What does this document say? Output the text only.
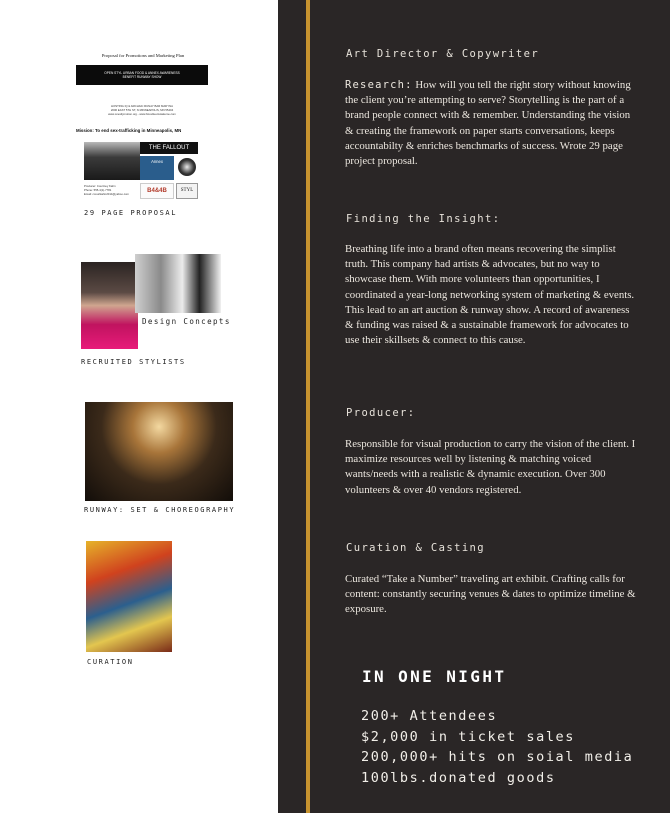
Proposal for Promotions and Marketing Plan
OPEN STYL URBAN FOOD & ANNEX AWARENESS
BENEFIT RUNWAY SHOW
HOSTING IQ & ARCHAIC RUNAY BAR MADYNA
2000 EAST 5TH ST, N MINNEAPOLIS, MN 55404
www.onestlymotion.org - www.fotoultuentotakeme.com
Mission: To end sex-trafficking in Minneapolis, MN
THE FALLOUT
Annex
Producer: Courtney Kahn
Phone: 555-4(1)-7781
Email: ccourtkahn2014@yahoo.com	B4&4B	STYL
29 PAGE PROPOSAL
Design Concepts
RECRUITED STYLISTS
RUNWAY: SET & CHOREOGRAPHY
CURATION
Art Director & Copywriter
Research: How will you tell the right story without knowing the client you’re attempting to serve? Storytelling is the part of a brand people connect with & remember. Understanding the vision & creating the framework on paper starts conversations, keeps accountabilty & enriches benchmarks of success. Wrote 29 page project proposal.
Finding the Insight:
Breathing life into a brand often means recovering the simplist truth. This company had artists & advocates, but no way to showcase them. With more volunteers than opportunities, I coordinated a year-long networking system of marketing & events. This lead to an art auction & runway show. A record of awareness & funding was raised & a sustainable framework for advocates to use their skillsets & connect to this cause.
Producer:
Responsible for visual production to carry the vision of the client. I maximize resources well by listening & matching voiced wants/needs with a realistic & dynamic execution. Over 300 volunteers & over 40 vendors registered.
Curation & Casting
Curated “Take a Number” traveling art exhibit. Crafting calls for content: constantly securing venues & dates to optimize timeline & exposure.
IN ONE NIGHT
200+ Attendees
$2,000 in ticket sales
200,000+ hits on soial media
100lbs.donated goods
